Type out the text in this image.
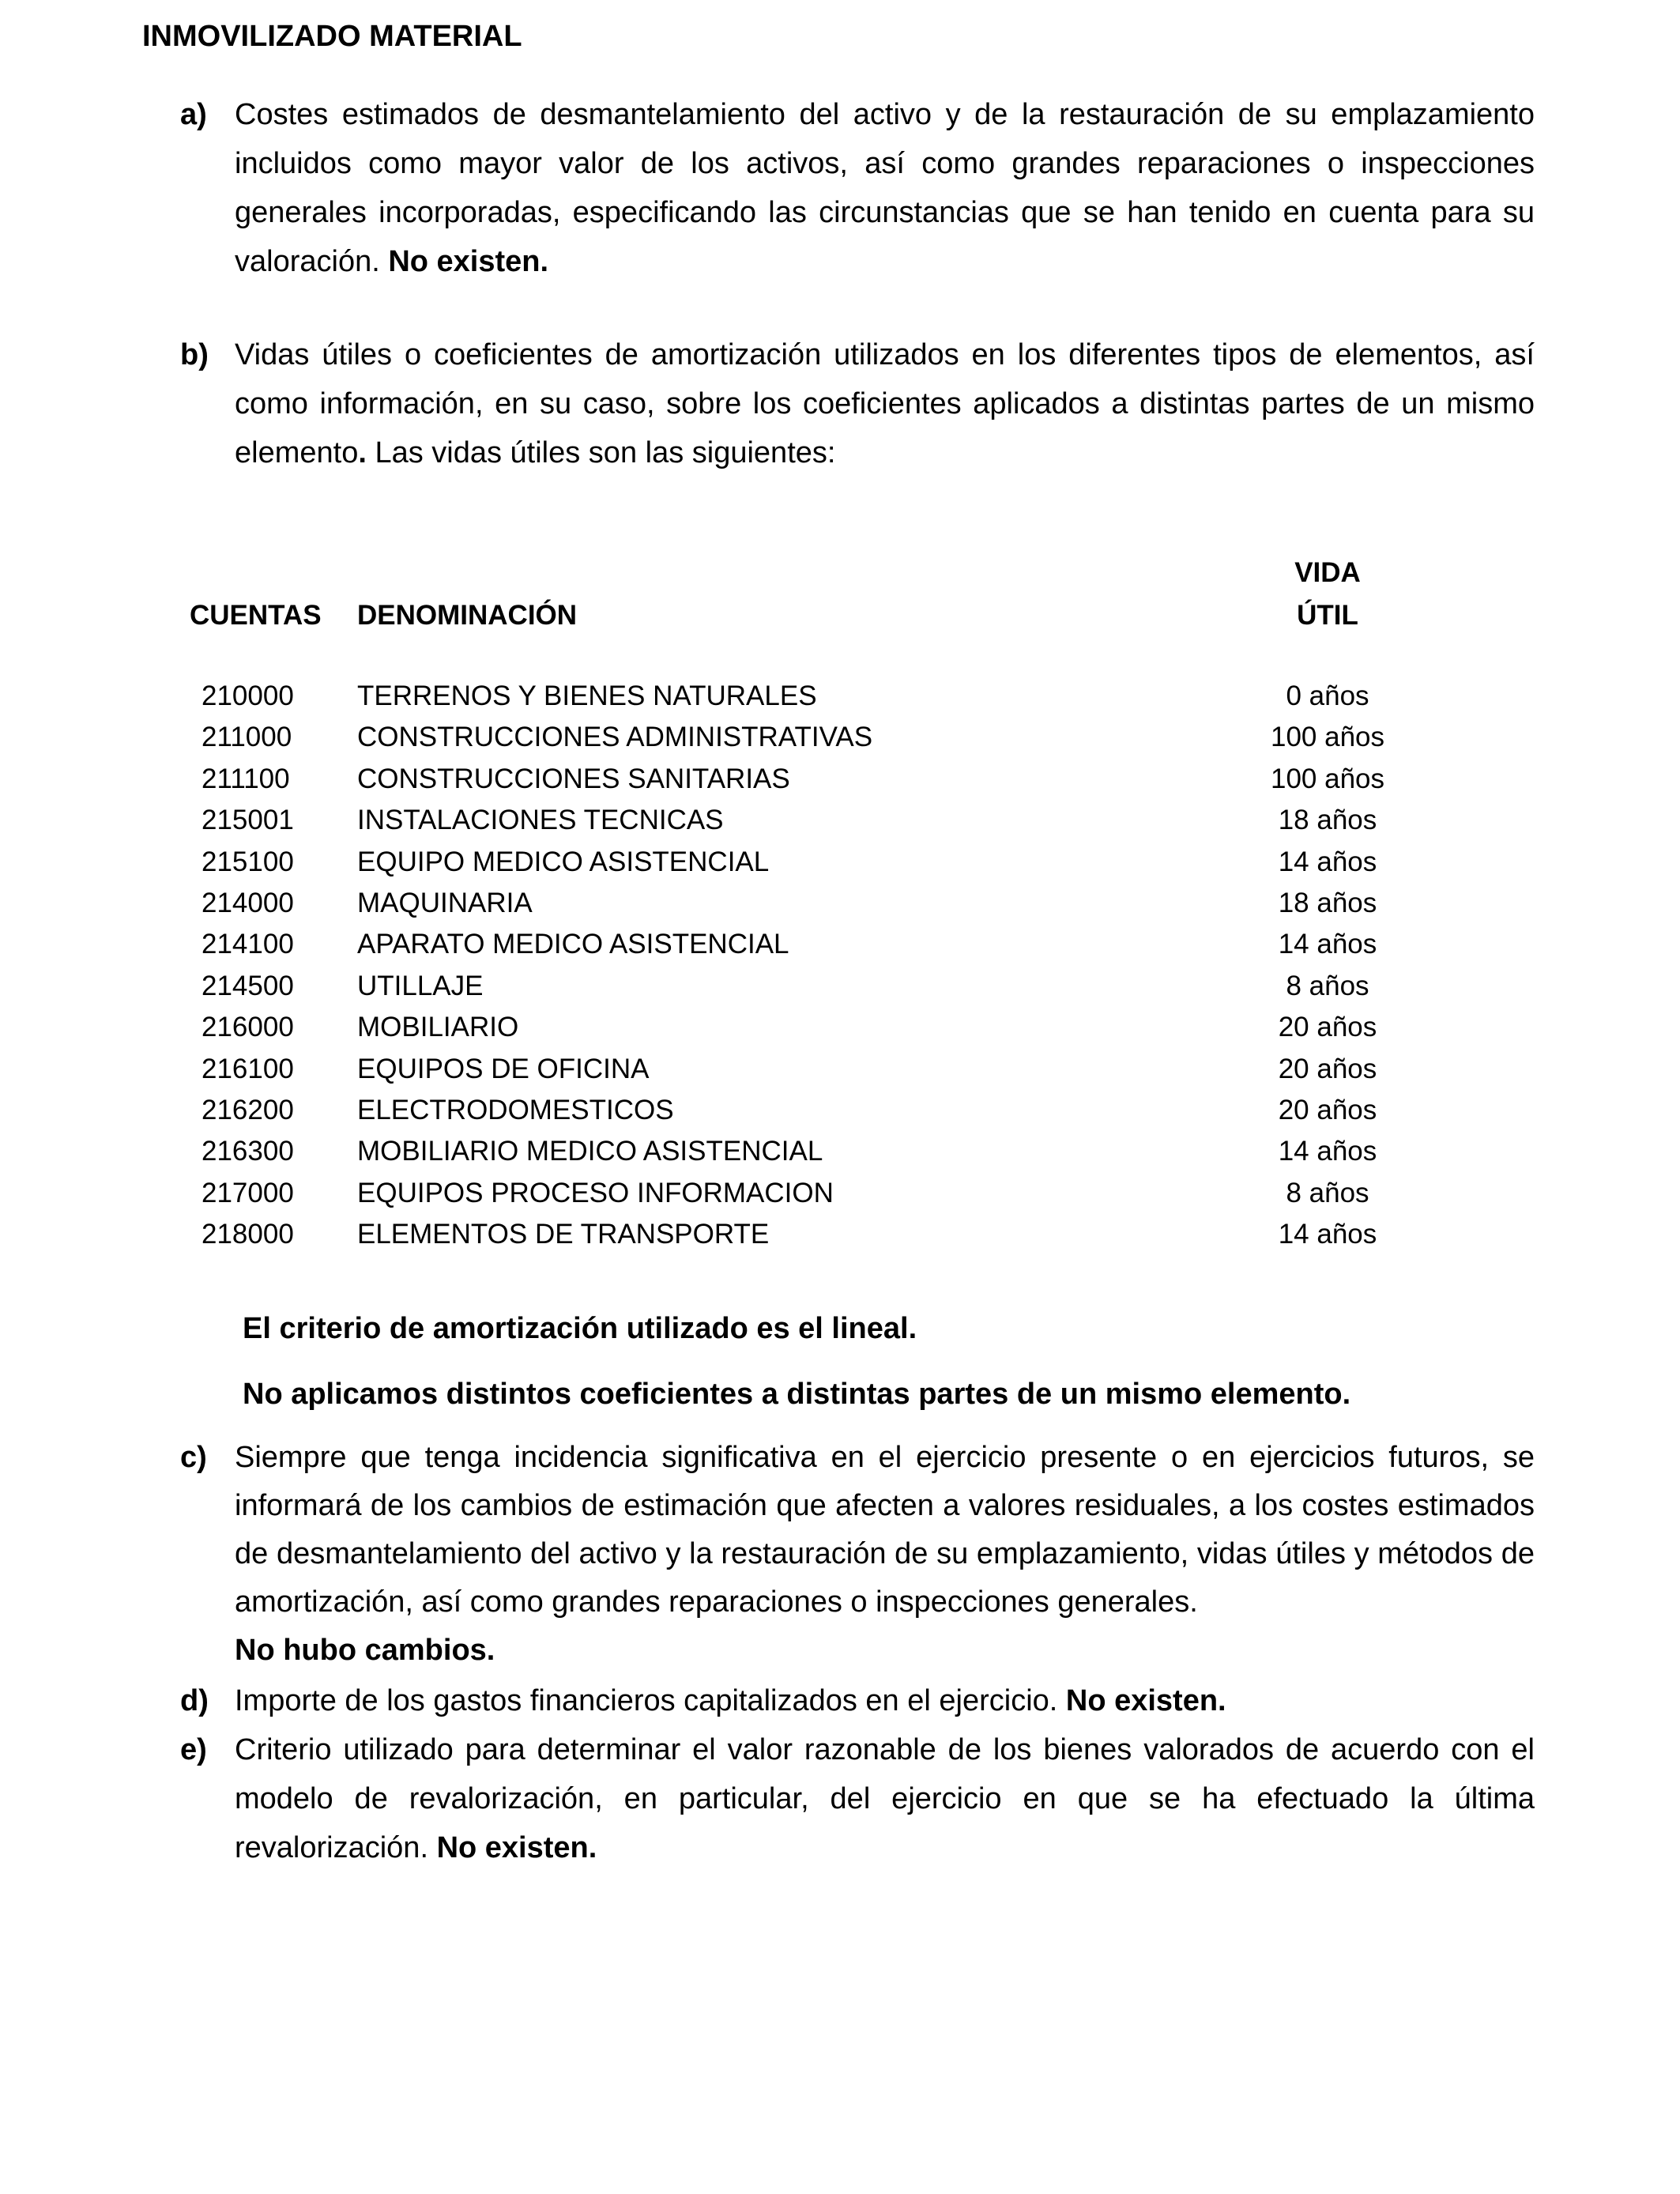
INMOVILIZADO MATERIAL
a) Costes estimados de desmantelamiento del activo y de la restauración de su emplazamiento incluidos como mayor valor de los activos, así como grandes reparaciones o inspecciones generales incorporadas, especificando las circunstancias que se han tenido en cuenta para su valoración. No existen.
b) Vidas útiles o coeficientes de amortización utilizados en los diferentes tipos de elementos, así como información, en su caso, sobre los coeficientes aplicados a distintas partes de un mismo elemento. Las vidas útiles son las siguientes:
CUENTAS DENOMINACIÓN
VIDA
ÚTIL
210000 TERRENOS Y BIENES NATURALES	0 años
211000	CONSTRUCCIONES ADMINISTRATIVAS	100 años
211100	CONSTRUCCIONES SANITARIAS	100 años
215001 INSTALACIONES TECNICAS	18 años
215100 EQUIPO MEDICO ASISTENCIAL	14 años
214000 MAQUINARIA	18 años
214100 APARATO MEDICO ASISTENCIAL	14 años
214500 UTILLAJE	8 años
216000 MOBILIARIO	20 años
216100 EQUIPOS DE OFICINA	20 años
216200 ELECTRODOMESTICOS	20 años
216300 MOBILIARIO MEDICO ASISTENCIAL	14 años
217000 EQUIPOS PROCESO INFORMACION	8 años
218000 ELEMENTOS DE TRANSPORTE	14 años
El criterio de amortización utilizado es el lineal.
No aplicamos distintos coeficientes a distintas partes de un mismo elemento.
c) Siempre que tenga incidencia significativa en el ejercicio presente o en ejercicios futuros, se informará de los cambios de estimación que afecten a valores residuales, a los costes estimados de desmantelamiento del activo y la restauración de su emplazamiento, vidas útiles y métodos de amortización, así como grandes reparaciones o inspecciones generales.
No hubo cambios.
d) Importe de los gastos financieros capitalizados en el ejercicio. No existen.
e) Criterio utilizado para determinar el valor razonable de los bienes valorados de acuerdo con el modelo de revalorización, en particular, del ejercicio en que se ha efectuado la última revalorización. No existen.
